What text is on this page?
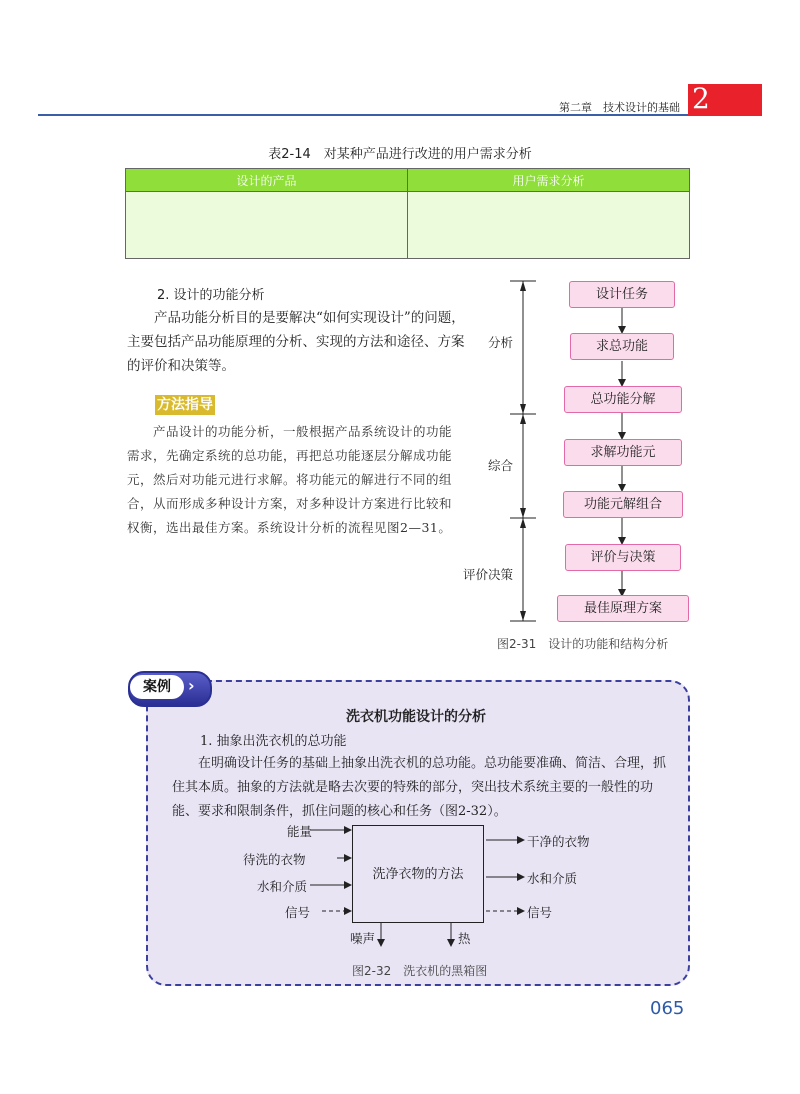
第二章　技术设计的基础 2
表2-14　对某种产品进行改进的用户需求分析
设计的产品	用户需求分析

2. 设计的功能分析
　　产品功能分析目的是要解决“如何实现设计”的问题，主要包括产品功能原理的分析、实现的方法和途径、方案的评价和决策等。
方法指导
　　产品设计的功能分析，一般根据产品系统设计的功能需求，先确定系统的总功能，再把总功能逐层分解成功能元，然后对功能元进行求解。将功能元的解进行不同的组合，从而形成多种设计方案，对多种设计方案进行比较和权衡，选出最佳方案。系统设计分析的流程见图2—31。
分析
综合
评价决策
设计任务
求总功能
总功能分解
求解功能元
功能元解组合
评价与决策
最佳原理方案
图2-31　设计的功能和结构分析
案例	›
洗衣机功能设计的分析
1. 抽象出洗衣机的总功能
　　在明确设计任务的基础上抽象出洗衣机的总功能。总功能要准确、简洁、合理，抓住其本质。抽象的方法就是略去次要的特殊的部分，突出技术系统主要的一般性的功能、要求和限制条件，抓住问题的核心和任务（图2-32）。
洗净衣物的方法
能量
待洗的衣物
水和介质
信号
干净的衣物
水和介质
信号
噪声	热
图2-32　洗衣机的黑箱图
065
